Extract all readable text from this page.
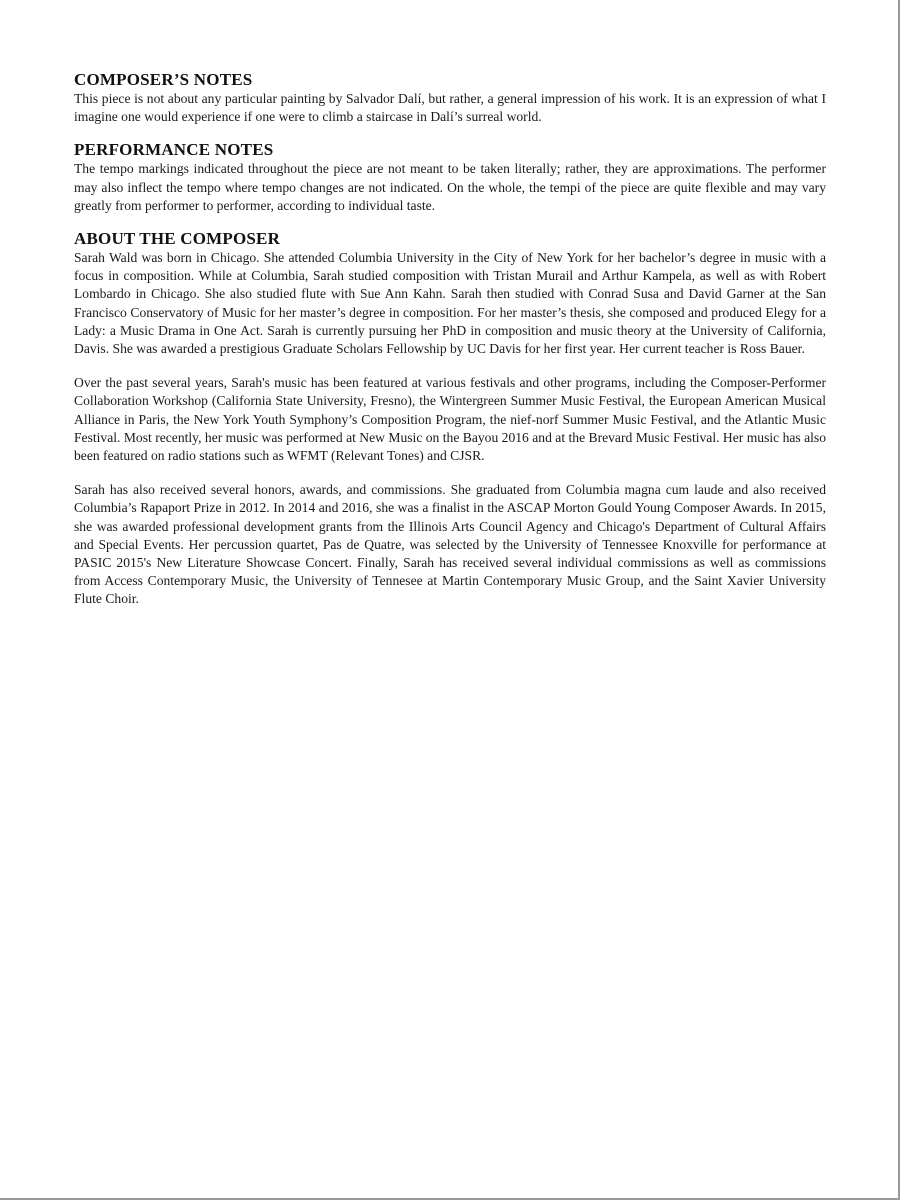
COMPOSER’S NOTES

This piece is not about any particular painting by Salvador Dalí, but rather, a general impression of his work. It is an expression of what I imagine one would experience if one were to climb a staircase in Dalí’s surreal world.

PERFORMANCE NOTES

The tempo markings indicated throughout the piece are not meant to be taken literally; rather, they are approximations. The performer may also inflect the tempo where tempo changes are not indicated. On the whole, the tempi of the piece are quite flexible and may vary greatly from performer to performer, according to individual taste.

ABOUT THE COMPOSER

Sarah Wald was born in Chicago. She attended Columbia University in the City of New York for her bachelor’s degree in music with a focus in composition. While at Columbia, Sarah studied composition with Tristan Murail and Arthur Kampela, as well as with Robert Lombardo in Chicago. She also studied flute with Sue Ann Kahn. Sarah then studied with Conrad Susa and David Garner at the San Francisco Conservatory of Music for her master’s degree in composition. For her master’s thesis, she composed and produced Elegy for a Lady: a Music Drama in One Act. Sarah is currently pursuing her PhD in composition and music theory at the University of California, Davis. She was awarded a prestigious Graduate Scholars Fellowship by UC Davis for her first year. Her current teacher is Ross Bauer.

Over the past several years, Sarah's music has been featured at various festivals and other programs, including the Composer-Performer Collaboration Workshop (California State University, Fresno), the Wintergreen Summer Music Festival, the European American Musical Alliance in Paris, the New York Youth Symphony’s Composition Program, the nief-norf Summer Music Festival, and the Atlantic Music Festival. Most recently, her music was performed at New Music on the Bayou 2016 and at the Brevard Music Festival. Her music has also been featured on radio stations such as WFMT (Relevant Tones) and CJSR.

Sarah has also received several honors, awards, and commissions. She graduated from Columbia magna cum laude and also received Columbia’s Rapaport Prize in 2012. In 2014 and 2016, she was a finalist in the ASCAP Morton Gould Young Composer Awards. In 2015, she was awarded professional development grants from the Illinois Arts Council Agency and Chicago's Department of Cultural Affairs and Special Events. Her percussion quartet, Pas de Quatre, was selected by the University of Tennessee Knoxville for performance at PASIC 2015's New Literature Showcase Concert. Finally, Sarah has received several individual commissions as well as commissions from Access Contemporary Music, the University of Tennesee at Martin Contemporary Music Group, and the Saint Xavier University Flute Choir.
